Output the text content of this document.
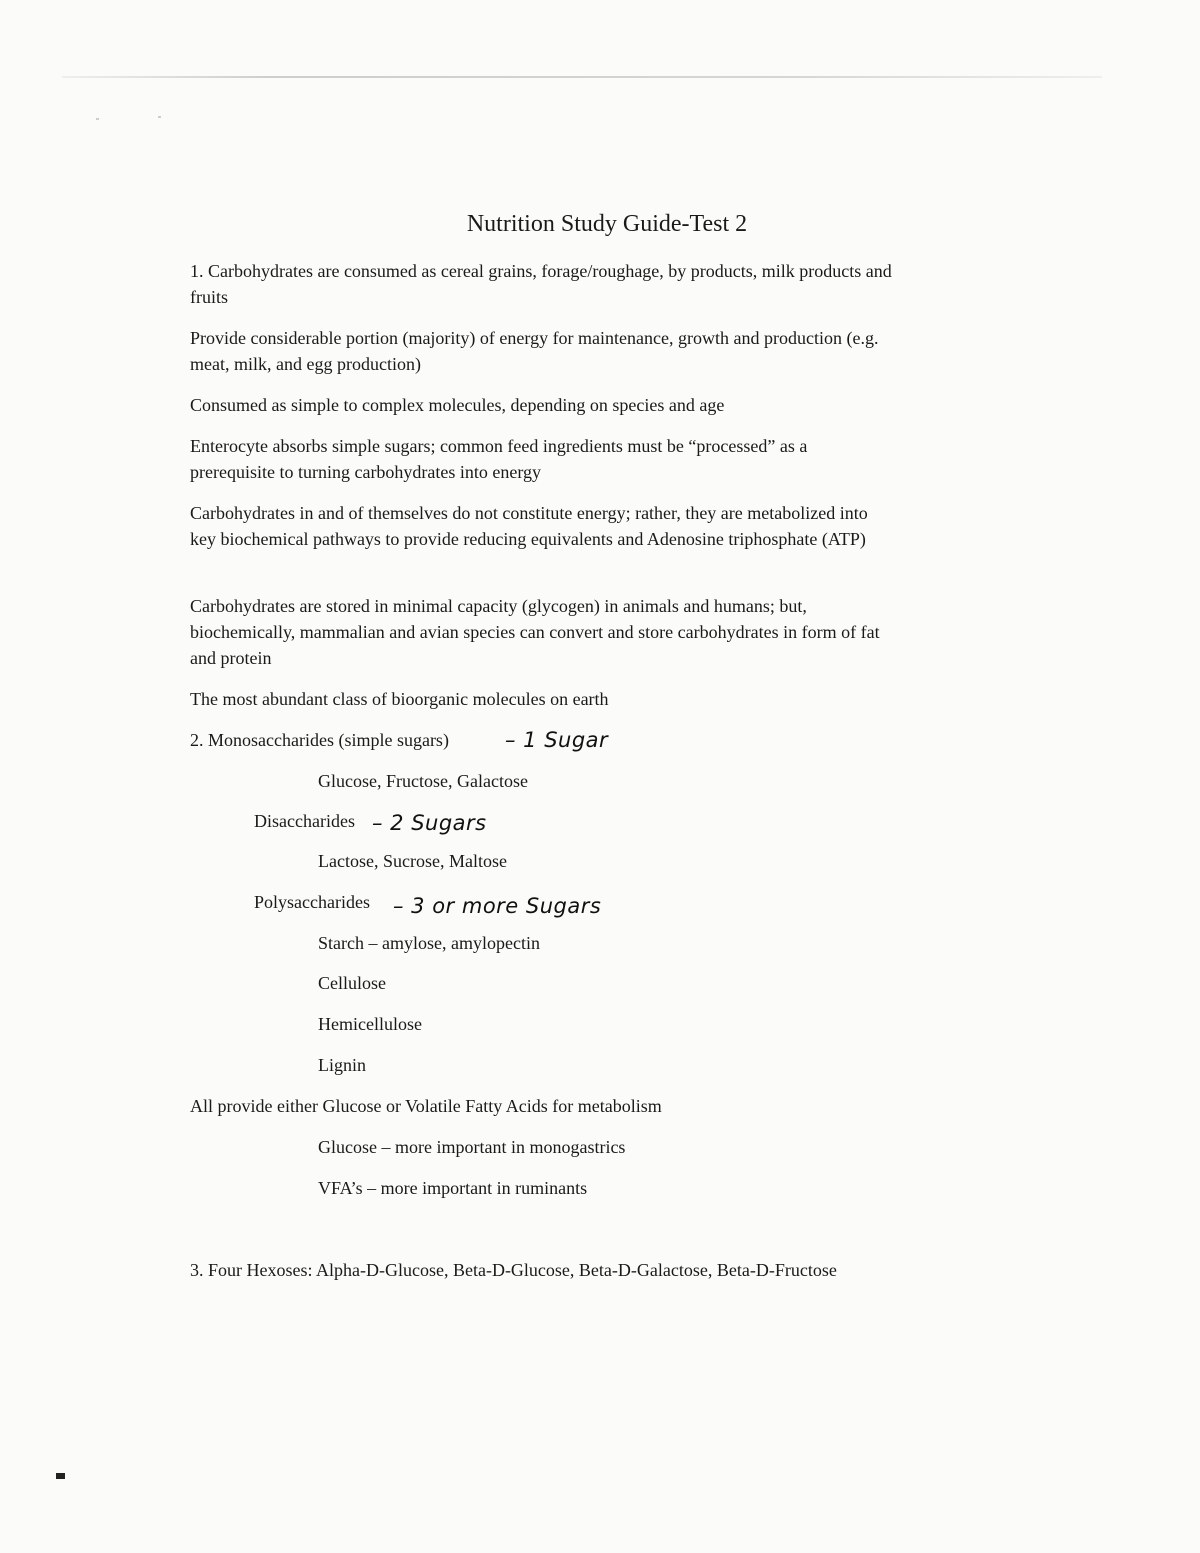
Nutrition Study Guide-Test 2
1. Carbohydrates are consumed as cereal grains, forage/roughage, by products, milk products and
fruits
Provide considerable portion (majority) of energy for maintenance, growth and production (e.g.
meat, milk, and egg production)
Consumed as simple to complex molecules, depending on species and age
Enterocyte absorbs simple sugars; common feed ingredients must be “processed” as a
prerequisite to turning carbohydrates into energy
Carbohydrates in and of themselves do not constitute energy; rather, they are metabolized into
key biochemical pathways to provide reducing equivalents and Adenosine triphosphate (ATP)
Carbohydrates are stored in minimal capacity (glycogen) in animals and humans; but,
biochemically, mammalian and avian species can convert and store carbohydrates in form of fat
and protein
The most abundant class of bioorganic molecules on earth
2. Monosaccharides (simple sugars)	– 1 Sugar
Glucose, Fructose, Galactose
Disaccharides – 2 Sugars
Lactose, Sucrose, Maltose
Polysaccharides – 3 or more Sugars
Starch – amylose, amylopectin
Cellulose
Hemicellulose
Lignin
All provide either Glucose or Volatile Fatty Acids for metabolism
Glucose – more important in monogastrics
VFA’s – more important in ruminants
3. Four Hexoses: Alpha-D-Glucose, Beta-D-Glucose, Beta-D-Galactose, Beta-D-Fructose
